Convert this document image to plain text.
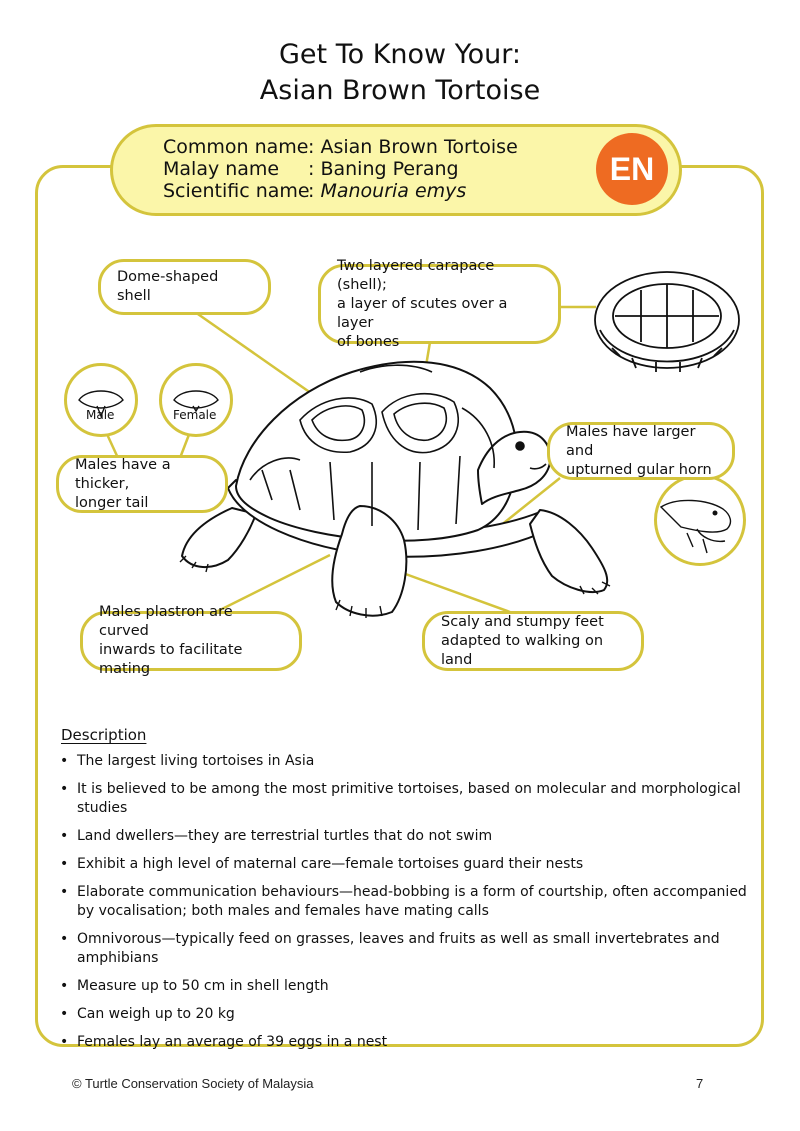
Get To Know Your:
Asian Brown Tortoise
Common name: Asian Brown Tortoise
Malay name : Baning Perang
Scientific name: Manouria emys
EN
Male	Female
Dome-shaped shell
Two layered carapace (shell);
a layer of scutes over a layer
of bones
Males have a thicker,
longer tail
Males have larger and
upturned gular horn
Males plastron are curved
inwards to facilitate mating
Scaly and stumpy feet
adapted to walking on land
Description
• The largest living tortoises in Asia
• It is believed to be among the most primitive tortoises, based on molecular and morphological studies
• Land dwellers—they are terrestrial turtles that do not swim
• Exhibit a high level of maternal care—female tortoises guard their nests
• Elaborate communication behaviours—head-bobbing is a form of courtship, often accompanied by vocalisation; both males and females have mating calls
• Omnivorous—typically feed on grasses, leaves and fruits as well as small invertebrates and amphibians
• Measure up to 50 cm in shell length
• Can weigh up to 20 kg
• Females lay an average of 39 eggs in a nest
© Turtle Conservation Society of Malaysia	7
